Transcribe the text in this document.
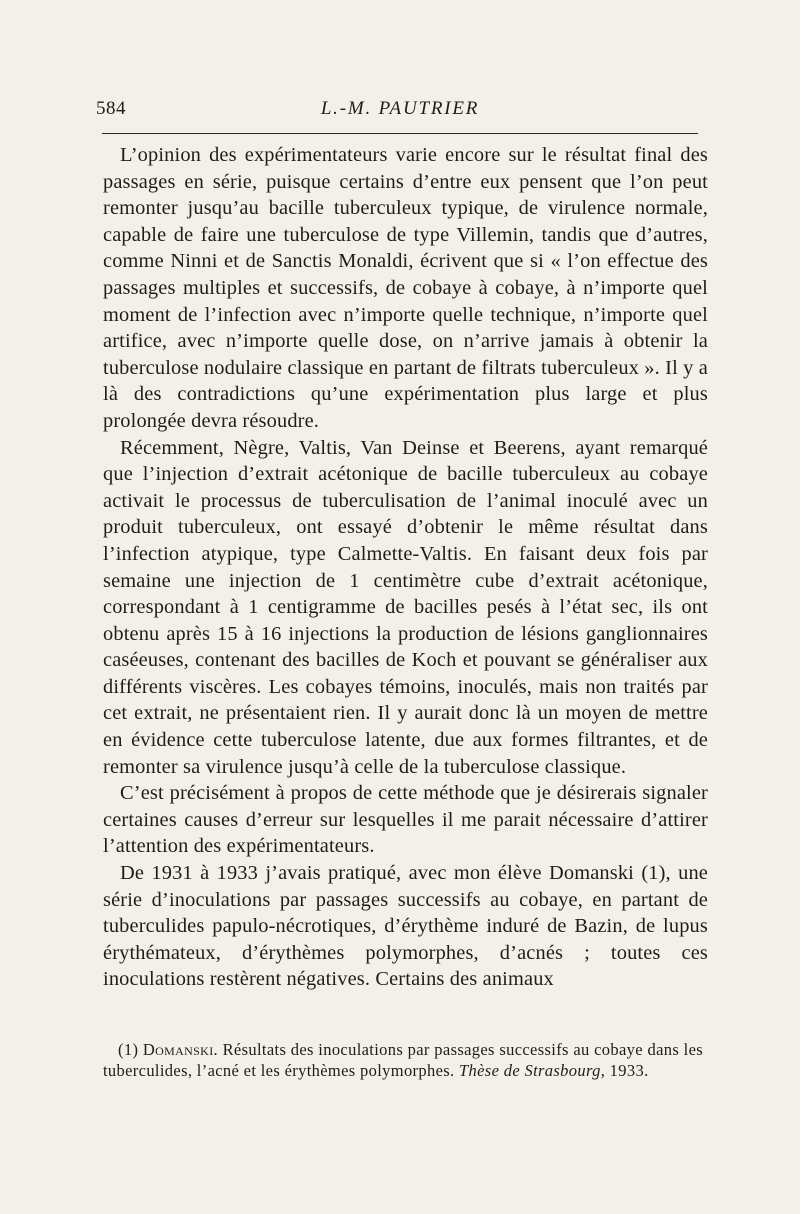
584	L.-M. PAUTRIER

L’opinion des expérimentateurs varie encore sur le résultat final des passages en série, puisque certains d’entre eux pensent que l’on peut remonter jusqu’au bacille tuberculeux typique, de virulence normale, capable de faire une tuberculose de type Villemin, tandis que d’autres, comme Ninni et de Sanctis Monaldi, écrivent que si « l’on effectue des passages multiples et successifs, de cobaye à cobaye, à n’importe quel moment de l’infection avec n’importe quelle technique, n’importe quel artifice, avec n’importe quelle dose, on n’arrive jamais à obtenir la tuberculose nodulaire classique en partant de filtrats tuberculeux ». Il y a là des contradictions qu’une expérimentation plus large et plus prolongée devra résoudre.

Récemment, Nègre, Valtis, Van Deinse et Beerens, ayant remarqué que l’injection d’extrait acétonique de bacille tuberculeux au cobaye activait le processus de tuberculisation de l’animal inoculé avec un produit tuberculeux, ont essayé d’obtenir le même résultat dans l’infection atypique, type Calmette-Valtis. En faisant deux fois par semaine une injection de 1 centimètre cube d’extrait acétonique, correspondant à 1 centigramme de bacilles pesés à l’état sec, ils ont obtenu après 15 à 16 injections la production de lésions ganglionnaires caséeuses, contenant des bacilles de Koch et pouvant se généraliser aux différents viscères. Les cobayes témoins, inoculés, mais non traités par cet extrait, ne présentaient rien. Il y aurait donc là un moyen de mettre en évidence cette tuberculose latente, due aux formes filtrantes, et de remonter sa virulence jusqu’à celle de la tuberculose classique.

C’est précisément à propos de cette méthode que je désirerais signaler certaines causes d’erreur sur lesquelles il me parait nécessaire d’attirer l’attention des expérimentateurs.

De 1931 à 1933 j’avais pratiqué, avec mon élève Domanski (1), une série d’inoculations par passages successifs au cobaye, en partant de tuberculides papulo-nécrotiques, d’érythème induré de Bazin, de lupus érythémateux, d’érythèmes polymorphes, d’acnés ; toutes ces inoculations restèrent négatives. Certains des animaux

(1) Domanski. Résultats des inoculations par passages successifs au cobaye dans les tuberculides, l’acné et les érythèmes polymorphes. Thèse de Strasbourg, 1933.
